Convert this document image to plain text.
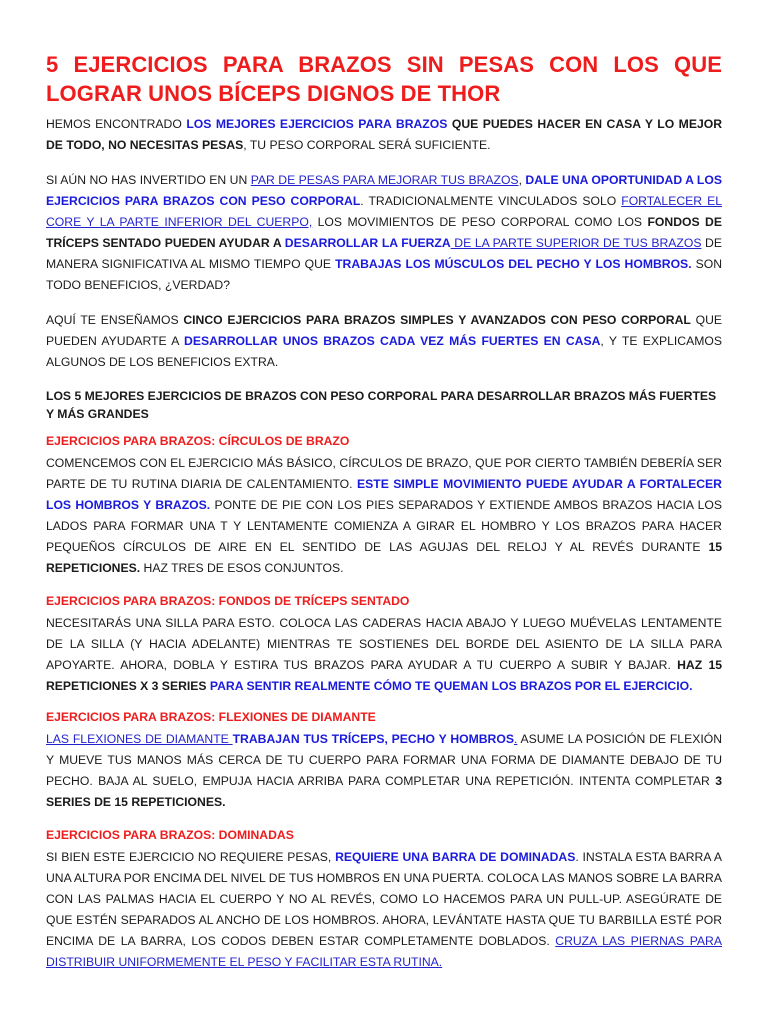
5 EJERCICIOS PARA BRAZOS SIN PESAS CON LOS QUE LOGRAR UNOS BÍCEPS DIGNOS DE THOR

HEMOS ENCONTRADO LOS MEJORES EJERCICIOS PARA BRAZOS QUE PUEDES HACER EN CASA Y LO MEJOR DE TODO, NO NECESITAS PESAS, TU PESO CORPORAL SERÁ SUFICIENTE.

SI AÚN NO HAS INVERTIDO EN UN PAR DE PESAS PARA MEJORAR TUS BRAZOS, DALE UNA OPORTUNIDAD A LOS EJERCICIOS PARA BRAZOS CON PESO CORPORAL. TRADICIONALMENTE VINCULADOS SOLO FORTALECER EL CORE Y LA PARTE INFERIOR DEL CUERPO, LOS MOVIMIENTOS DE PESO CORPORAL COMO LOS FONDOS DE TRÍCEPS SENTADO PUEDEN AYUDAR A DESARROLLAR LA FUERZA DE LA PARTE SUPERIOR DE TUS BRAZOS DE MANERA SIGNIFICATIVA AL MISMO TIEMPO QUE TRABAJAS LOS MÚSCULOS DEL PECHO Y LOS HOMBROS. SON TODO BENEFICIOS, ¿VERDAD?

AQUÍ TE ENSEÑAMOS CINCO EJERCICIOS PARA BRAZOS SIMPLES Y AVANZADOS CON PESO CORPORAL QUE PUEDEN AYUDARTE A DESARROLLAR UNOS BRAZOS CADA VEZ MÁS FUERTES EN CASA, Y TE EXPLICAMOS ALGUNOS DE LOS BENEFICIOS EXTRA.

LOS 5 MEJORES EJERCICIOS DE BRAZOS CON PESO CORPORAL PARA DESARROLLAR BRAZOS MÁS FUERTES Y MÁS GRANDES
EJERCICIOS PARA BRAZOS: CÍRCULOS DE BRAZO

COMENCEMOS CON EL EJERCICIO MÁS BÁSICO, CÍRCULOS DE BRAZO, QUE POR CIERTO TAMBIÉN DEBERÍA SER PARTE DE TU RUTINA DIARIA DE CALENTAMIENTO. ESTE SIMPLE MOVIMIENTO PUEDE AYUDAR A FORTALECER LOS HOMBROS Y BRAZOS. PONTE DE PIE CON LOS PIES SEPARADOS Y EXTIENDE AMBOS BRAZOS HACIA LOS LADOS PARA FORMAR UNA T Y LENTAMENTE COMIENZA A GIRAR EL HOMBRO Y LOS BRAZOS PARA HACER PEQUEÑOS CÍRCULOS DE AIRE EN EL SENTIDO DE LAS AGUJAS DEL RELOJ Y AL REVÉS DURANTE 15 REPETICIONES. HAZ TRES DE ESOS CONJUNTOS.

EJERCICIOS PARA BRAZOS: FONDOS DE TRÍCEPS SENTADO

NECESITARÁS UNA SILLA PARA ESTO. COLOCA LAS CADERAS HACIA ABAJO Y LUEGO MUÉVELAS LENTAMENTE DE LA SILLA (Y HACIA ADELANTE) MIENTRAS TE SOSTIENES DEL BORDE DEL ASIENTO DE LA SILLA PARA APOYARTE. AHORA, DOBLA Y ESTIRA TUS BRAZOS PARA AYUDAR A TU CUERPO A SUBIR Y BAJAR. HAZ 15 REPETICIONES X 3 SERIES PARA SENTIR REALMENTE CÓMO TE QUEMAN LOS BRAZOS POR EL EJERCICIO.

EJERCICIOS PARA BRAZOS: FLEXIONES DE DIAMANTE

LAS FLEXIONES DE DIAMANTE TRABAJAN TUS TRÍCEPS, PECHO Y HOMBROS. ASUME LA POSICIÓN DE FLEXIÓN Y MUEVE TUS MANOS MÁS CERCA DE TU CUERPO PARA FORMAR UNA FORMA DE DIAMANTE DEBAJO DE TU PECHO. BAJA AL SUELO, EMPUJA HACIA ARRIBA PARA COMPLETAR UNA REPETICIÓN. INTENTA COMPLETAR 3 SERIES DE 15 REPETICIONES.

EJERCICIOS PARA BRAZOS: DOMINADAS

SI BIEN ESTE EJERCICIO NO REQUIERE PESAS, REQUIERE UNA BARRA DE DOMINADAS. INSTALA ESTA BARRA A UNA ALTURA POR ENCIMA DEL NIVEL DE TUS HOMBROS EN UNA PUERTA. COLOCA LAS MANOS SOBRE LA BARRA CON LAS PALMAS HACIA EL CUERPO Y NO AL REVÉS, COMO LO HACEMOS PARA UN PULL-UP. ASEGÚRATE DE QUE ESTÉN SEPARADOS AL ANCHO DE LOS HOMBROS. AHORA, LEVÁNTATE HASTA QUE TU BARBILLA ESTÉ POR ENCIMA DE LA BARRA, LOS CODOS DEBEN ESTAR COMPLETAMENTE DOBLADOS. CRUZA LAS PIERNAS PARA DISTRIBUIR UNIFORMEMENTE EL PESO Y FACILITAR ESTA RUTINA.
